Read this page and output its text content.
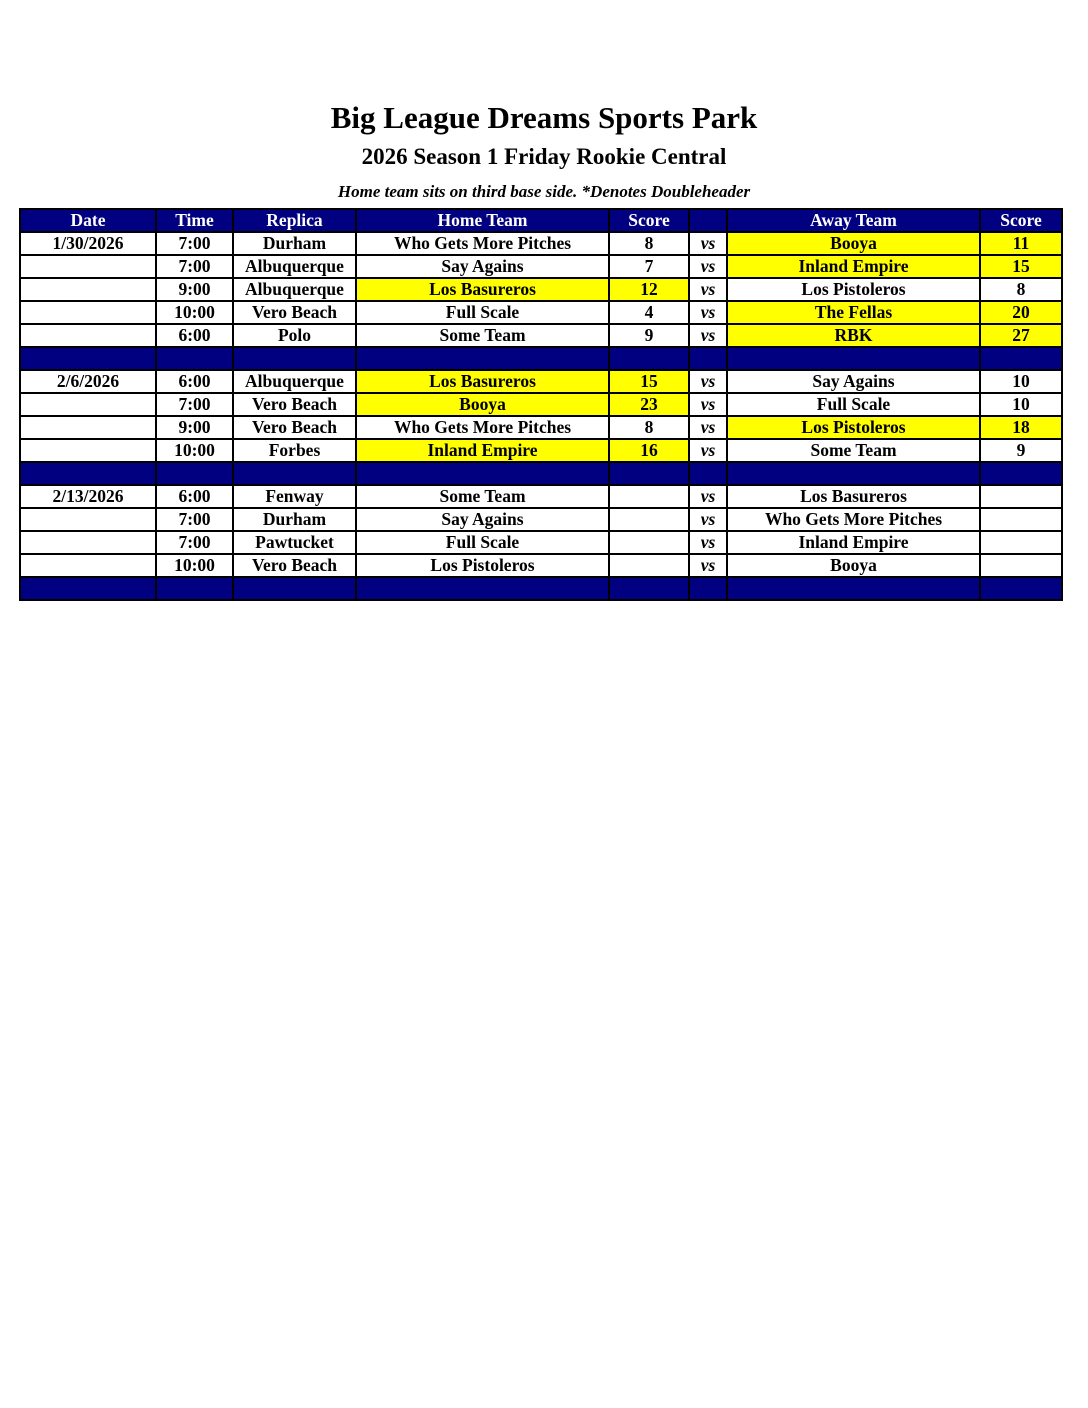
Big League Dreams Sports Park
2026 Season 1 Friday Rookie Central
Home team sits on third base side. *Denotes Doubleheader
Date	Time	Replica	Home Team	Score		Away Team	Score
1/30/2026	7:00	Durham	Who Gets More Pitches	8	vs	Booya	11
	7:00	Albuquerque	Say Agains	7	vs	Inland Empire	15
	9:00	Albuquerque	Los Basureros	12	vs	Los Pistoleros	8
	10:00	Vero Beach	Full Scale	4	vs	The Fellas	20
	6:00	Polo	Some Team	9	vs	RBK	27

2/6/2026	6:00	Albuquerque	Los Basureros	15	vs	Say Agains	10
	7:00	Vero Beach	Booya	23	vs	Full Scale	10
	9:00	Vero Beach	Who Gets More Pitches	8	vs	Los Pistoleros	18
	10:00	Forbes	Inland Empire	16	vs	Some Team	9

2/13/2026	6:00	Fenway	Some Team		vs	Los Basureros	
	7:00	Durham	Say Agains		vs	Who Gets More Pitches	
	7:00	Pawtucket	Full Scale		vs	Inland Empire	
	10:00	Vero Beach	Los Pistoleros		vs	Booya	
